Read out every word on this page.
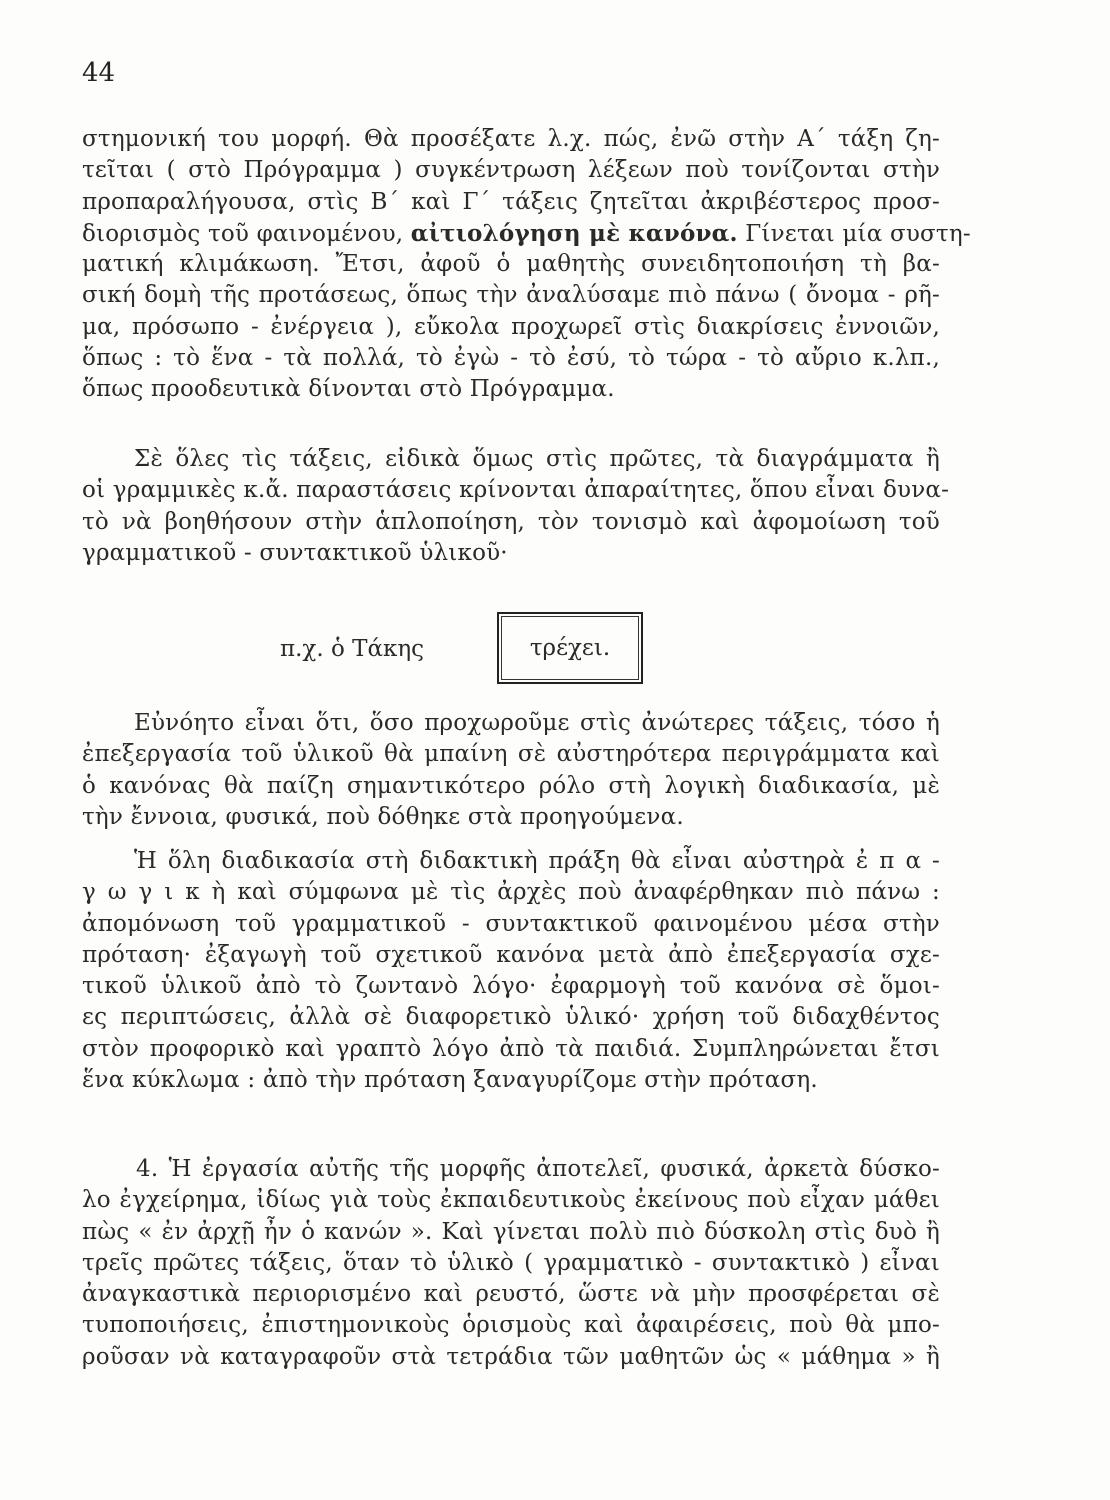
44
στημονική του μορφή. Θὰ προσέξατε λ.χ. πώς, ἐνῶ στὴν Α΄ τάξη ζη-
τεῖται ( στὸ Πρόγραμμα ) συγκέντρωση λέξεων ποὺ τονίζονται στὴν
προπαραλήγουσα, στὶς Β΄ καὶ Γ΄ τάξεις ζητεῖται ἀκριβέστερος προσ-
διορισμὸς τοῦ φαινομένου, αἰτιολόγηση μὲ κανόνα. Γίνεται μία συστη-
ματική κλιμάκωση. Ἔτσι, ἀφοῦ ὁ μαθητὴς συνειδητοποιήση τὴ βα-
σική δομὴ τῆς προτάσεως, ὅπως τὴν ἀναλύσαμε πιὸ πάνω ( ὄνομα - ρῆ-
μα, πρόσωπο - ἐνέργεια ), εὔκολα προχωρεῖ στὶς διακρίσεις ἐννοιῶν,
ὅπως : τὸ ἕνα - τὰ πολλά, τὸ ἐγὼ - τὸ ἐσύ, τὸ τώρα - τὸ αὔριο κ.λπ.,
ὅπως προοδευτικὰ δίνονται στὸ Πρόγραμμα.
Σὲ ὅλες τὶς τάξεις, εἰδικὰ ὅμως στὶς πρῶτες, τὰ διαγράμματα ἢ
οἱ γραμμικὲς κ.ἄ. παραστάσεις κρίνονται ἀπαραίτητες, ὅπου εἶναι δυνα-
τὸ νὰ βοηθήσουν στὴν ἁπλοποίηση, τὸν τονισμὸ καὶ ἀφομοίωση τοῦ
γραμματικοῦ - συντακτικοῦ ὑλικοῦ·
π.χ. ὁ Τάκης	τρέχει.
Εὐνόητο εἶναι ὅτι, ὅσο προχωροῦμε στὶς ἀνώτερες τάξεις, τόσο ἡ
ἐπεξεργασία τοῦ ὑλικοῦ θὰ μπαίνη σὲ αὐστηρότερα περιγράμματα καὶ
ὁ κανόνας θὰ παίζη σημαντικότερο ρόλο στὴ λογικὴ διαδικασία, μὲ
τὴν ἔννοια, φυσικά, ποὺ δόθηκε στὰ προηγούμενα.
Ἡ ὅλη διαδικασία στὴ διδακτικὴ πράξη θὰ εἶναι αὐστηρὰ ἐ π α -
γ ω γ ι κ ὴ καὶ σύμφωνα μὲ τὶς ἀρχὲς ποὺ ἀναφέρθηκαν πιὸ πάνω :
ἀπομόνωση τοῦ γραμματικοῦ - συντακτικοῦ φαινομένου μέσα στὴν
πρόταση· ἐξαγωγὴ τοῦ σχετικοῦ κανόνα μετὰ ἀπὸ ἐπεξεργασία σχε-
τικοῦ ὑλικοῦ ἀπὸ τὸ ζωντανὸ λόγο· ἐφαρμογὴ τοῦ κανόνα σὲ ὅμοι-
ες περιπτώσεις, ἀλλὰ σὲ διαφορετικὸ ὑλικό· χρήση τοῦ διδαχθέντος
στὸν προφορικὸ καὶ γραπτὸ λόγο ἀπὸ τὰ παιδιά. Συμπληρώνεται ἔτσι
ἕνα κύκλωμα : ἀπὸ τὴν πρόταση ξαναγυρίζομε στὴν πρόταση.
4. Ἡ ἐργασία αὐτῆς τῆς μορφῆς ἀποτελεῖ, φυσικά, ἀρκετὰ δύσκο-
λο ἐγχείρημα, ἰδίως γιὰ τοὺς ἐκπαιδευτικοὺς ἐκείνους ποὺ εἶχαν μάθει
πὼς « ἐν ἀρχῇ ἦν ὁ κανών ». Καὶ γίνεται πολὺ πιὸ δύσκολη στὶς δυὸ ἢ
τρεῖς πρῶτες τάξεις, ὅταν τὸ ὑλικὸ ( γραμματικὸ - συντακτικὸ ) εἶναι
ἀναγκαστικὰ περιορισμένο καὶ ρευστό, ὥστε νὰ μὴν προσφέρεται σὲ
τυποποιήσεις, ἐπιστημονικοὺς ὁρισμοὺς καὶ ἀφαιρέσεις, ποὺ θὰ μπο-
ροῦσαν νὰ καταγραφοῦν στὰ τετράδια τῶν μαθητῶν ὡς « μάθημα » ἢ
